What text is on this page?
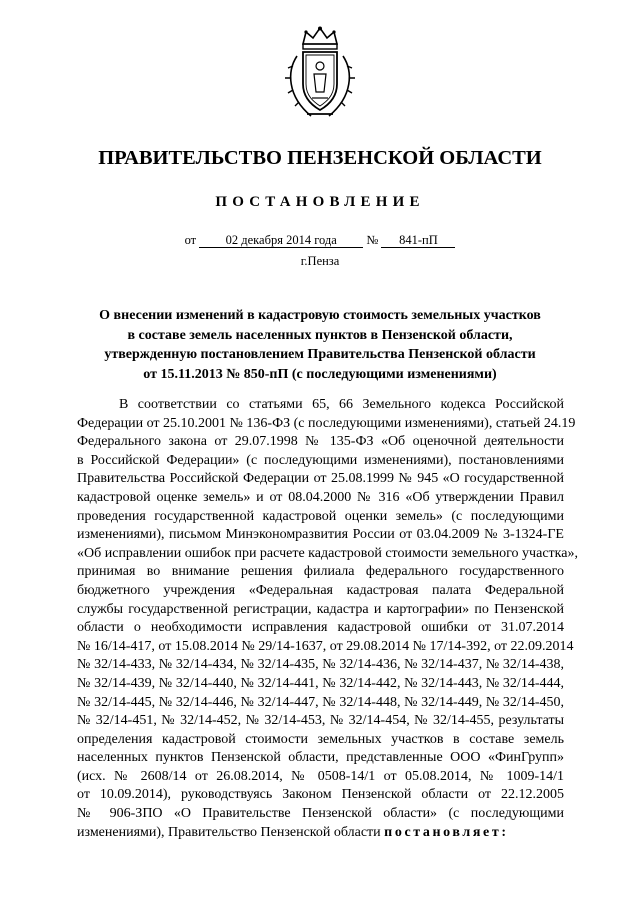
ПРАВИТЕЛЬСТВО ПЕНЗЕНСКОЙ ОБЛАСТИ
ПОСТАНОВЛЕНИЕ
от 02 декабря 2014 года № 841-пП
г.Пенза
О внесении изменений в кадастровую стоимость земельных участков
в составе земель населенных пунктов в Пензенской области,
утвержденную постановлением Правительства Пензенской области
от 15.11.2013 № 850-пП (с последующими изменениями)
В соответствии со статьями 65, 66 Земельного кодекса Российской
Федерации от 25.10.2001 № 136-ФЗ (с последующими изменениями), статьей 24.19
Федерального закона от 29.07.1998 № 135-ФЗ «Об оценочной деятельности
в Российской Федерации» (с последующими изменениями), постановлениями
Правительства Российской Федерации от 25.08.1999 № 945 «О государственной
кадастровой оценке земель» и от 08.04.2000 № 316 «Об утверждении Правил
проведения государственной кадастровой оценки земель» (с последующими
изменениями), письмом Минэкономразвития России от 03.04.2009 № 3-1324-ГЕ
«Об исправлении ошибок при расчете кадастровой стоимости земельного участка»,
принимая во внимание решения филиала федерального государственного
бюджетного учреждения «Федеральная кадастровая палата Федеральной
службы государственной регистрации, кадастра и картографии» по Пензенской
области о необходимости исправления кадастровой ошибки от 31.07.2014
№ 16/14-417, от 15.08.2014 № 29/14-1637, от 29.08.2014 № 17/14-392, от 22.09.2014
№ 32/14-433, № 32/14-434, № 32/14-435, № 32/14-436, № 32/14-437, № 32/14-438,
№ 32/14-439, № 32/14-440, № 32/14-441, № 32/14-442, № 32/14-443, № 32/14-444,
№ 32/14-445, № 32/14-446, № 32/14-447, № 32/14-448, № 32/14-449, № 32/14-450,
№ 32/14-451, № 32/14-452, № 32/14-453, № 32/14-454, № 32/14-455, результаты
определения кадастровой стоимости земельных участков в составе земель
населенных пунктов Пензенской области, представленные ООО «ФинГрупп»
(исх. № 2608/14 от 26.08.2014, № 0508-14/1 от 05.08.2014, № 1009-14/1
от 10.09.2014), руководствуясь Законом Пензенской области от 22.12.2005
№ 906-ЗПО «О Правительстве Пензенской области» (с последующими
изменениями), Правительство Пензенской области постановляет:
